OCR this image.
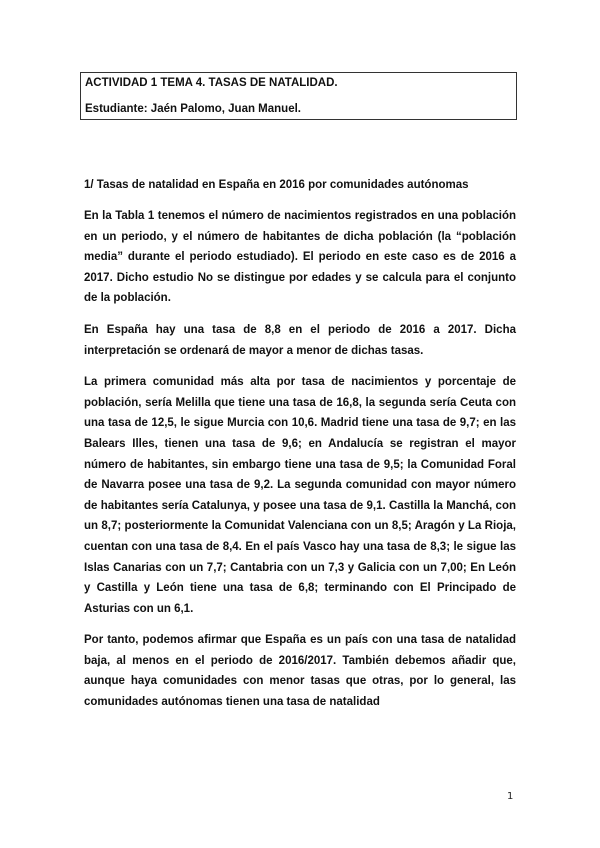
ACTIVIDAD 1 TEMA 4. TASAS DE NATALIDAD.
Estudiante: Jaén Palomo, Juan Manuel.
1/ Tasas de natalidad en España en 2016 por comunidades autónomas

En la Tabla 1 tenemos el número de nacimientos registrados en una población en un periodo, y el número de habitantes de dicha población (la “población media” durante el periodo estudiado). El periodo en este caso es de 2016 a 2017. Dicho estudio No se distingue por edades y se calcula para el conjunto de la población.

En España hay una tasa de 8,8 en el periodo de 2016 a 2017. Dicha interpretación se ordenará de mayor a menor de dichas tasas.

La primera comunidad más alta por tasa de nacimientos y porcentaje de población, sería Melilla que tiene una tasa de 16,8, la segunda sería Ceuta con una tasa de 12,5, le sigue Murcia con 10,6. Madrid tiene una tasa de 9,7; en las Balears Illes, tienen una tasa de 9,6; en Andalucía se registran el mayor número de habitantes, sin embargo tiene una tasa de 9,5; la Comunidad Foral de Navarra posee una tasa de 9,2. La segunda comunidad con mayor número de habitantes sería Catalunya, y posee una tasa de 9,1. Castilla la Manchá, con un 8,7; posteriormente la Comunidat Valenciana con un 8,5; Aragón y La Rioja, cuentan con una tasa de 8,4. En el país Vasco hay una tasa de 8,3; le sigue las Islas Canarias con un 7,7; Cantabria con un 7,3 y Galicia con un 7,00; En León y Castilla y León tiene una tasa de 6,8; terminando con El Principado de Asturias con un 6,1.

Por tanto, podemos afirmar que España es un país con una tasa de natalidad baja, al menos en el periodo de 2016/2017. También debemos añadir que, aunque haya comunidades con menor tasas que otras, por lo general, las comunidades autónomas tienen una tasa de natalidad

1
